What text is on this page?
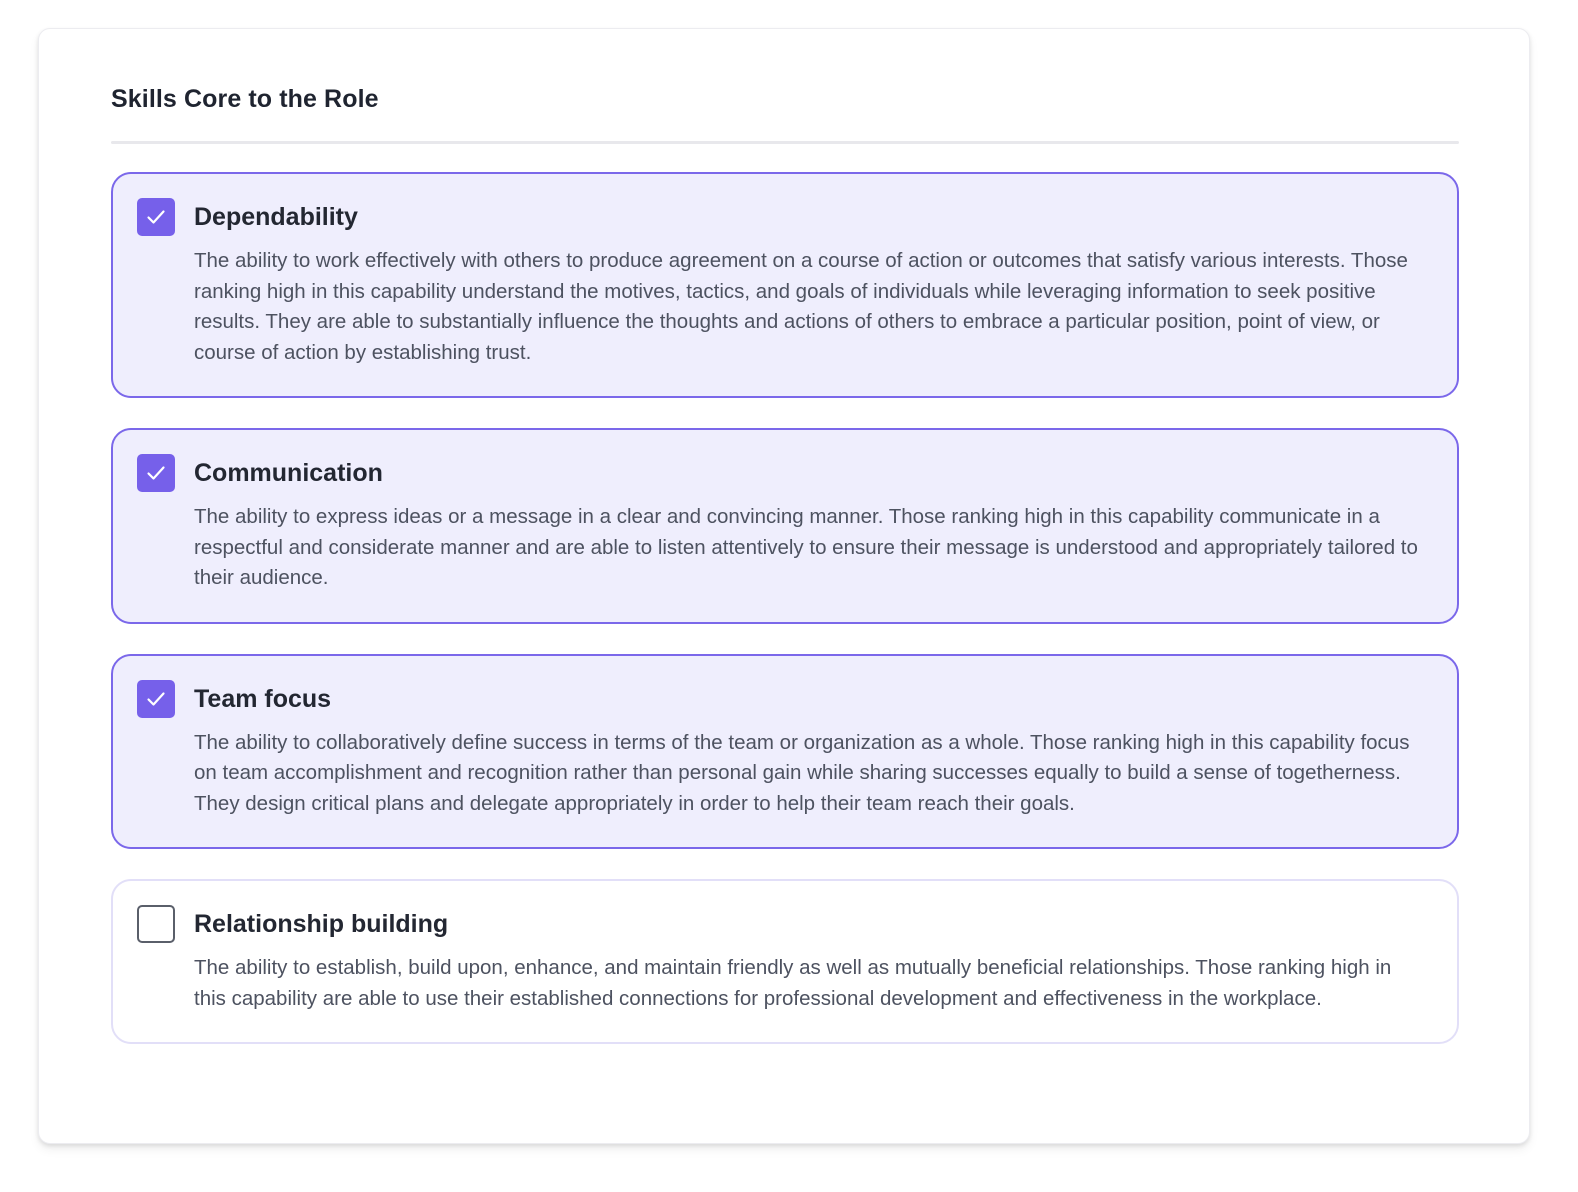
Skills Core to the Role
Dependability
The ability to work effectively with others to produce agreement on a course of action or outcomes that satisfy various interests. Those ranking high in this capability understand the motives, tactics, and goals of individuals while leveraging information to seek positive results. They are able to substantially influence the thoughts and actions of others to embrace a particular position, point of view, or course of action by establishing trust.
Communication
The ability to express ideas or a message in a clear and convincing manner. Those ranking high in this capability communicate in a respectful and considerate manner and are able to listen attentively to ensure their message is understood and appropriately tailored to their audience.
Team focus
The ability to collaboratively define success in terms of the team or organization as a whole. Those ranking high in this capability focus on team accomplishment and recognition rather than personal gain while sharing successes equally to build a sense of togetherness. They design critical plans and delegate appropriately in order to help their team reach their goals.
Relationship building
The ability to establish, build upon, enhance, and maintain friendly as well as mutually beneficial relationships. Those ranking high in this capability are able to use their established connections for professional development and effectiveness in the workplace.
